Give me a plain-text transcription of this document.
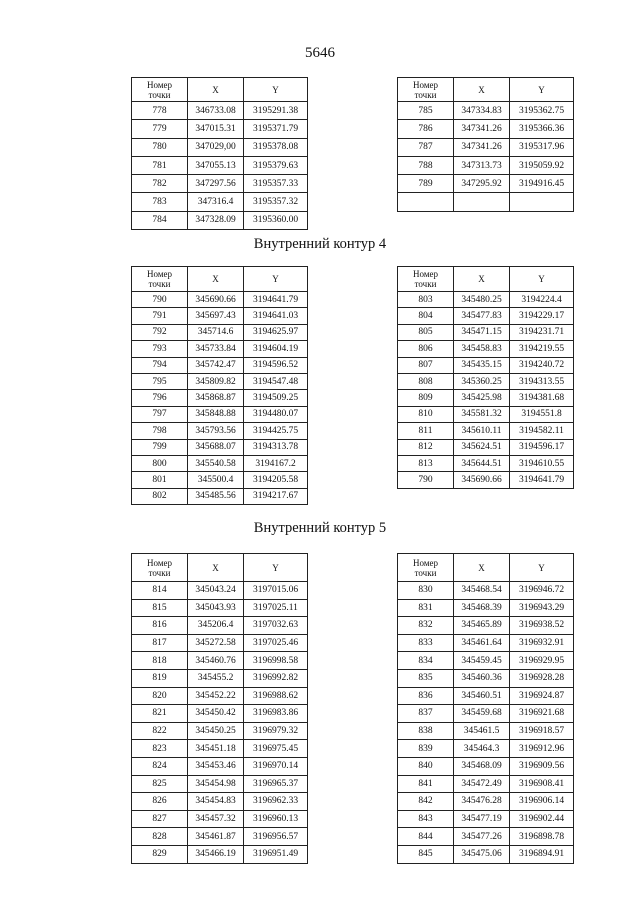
5646
Внутренний контур 4
Внутренний контур 5
Номер
точки	X	Y
778	346733.08	3195291.38
779	347015.31	3195371.79
780	347029,00	3195378.08
781	347055.13	3195379.63
782	347297.56	3195357.33
783	347316.4	3195357.32
784	347328.09	3195360.00
Номер
точки	X	Y
785	347334.83	3195362.75
786	347341.26	3195366.36
787	347341.26	3195317.96
788	347313.73	3195059.92
789	347295.92	3194916.45

Номер
точки	X	Y
790	345690.66	3194641.79
791	345697.43	3194641.03
792	345714.6	3194625.97
793	345733.84	3194604.19
794	345742.47	3194596.52
795	345809.82	3194547.48
796	345868.87	3194509.25
797	345848.88	3194480.07
798	345793.56	3194425.75
799	345688.07	3194313.78
800	345540.58	3194167.2
801	345500.4	3194205.58
802	345485.56	3194217.67
Номер
точки	X	Y
803	345480.25	3194224.4
804	345477.83	3194229.17
805	345471.15	3194231.71
806	345458.83	3194219.55
807	345435.15	3194240.72
808	345360.25	3194313.55
809	345425.98	3194381.68
810	345581.32	3194551.8
811	345610.11	3194582.11
812	345624.51	3194596.17
813	345644.51	3194610.55
790	345690.66	3194641.79
Номер
точки	X	Y
814	345043.24	3197015.06
815	345043.93	3197025.11
816	345206.4	3197032.63
817	345272.58	3197025.46
818	345460.76	3196998.58
819	345455.2	3196992.82
820	345452.22	3196988.62
821	345450.42	3196983.86
822	345450.25	3196979.32
823	345451.18	3196975.45
824	345453.46	3196970.14
825	345454.98	3196965.37
826	345454.83	3196962.33
827	345457.32	3196960.13
828	345461.87	3196956.57
829	345466.19	3196951.49
Номер
точки	X	Y
830	345468.54	3196946.72
831	345468.39	3196943.29
832	345465.89	3196938.52
833	345461.64	3196932.91
834	345459.45	3196929.95
835	345460.36	3196928.28
836	345460.51	3196924.87
837	345459.68	3196921.68
838	345461.5	3196918.57
839	345464.3	3196912.96
840	345468.09	3196909.56
841	345472.49	3196908.41
842	345476.28	3196906.14
843	345477.19	3196902.44
844	345477.26	3196898.78
845	345475.06	3196894.91
